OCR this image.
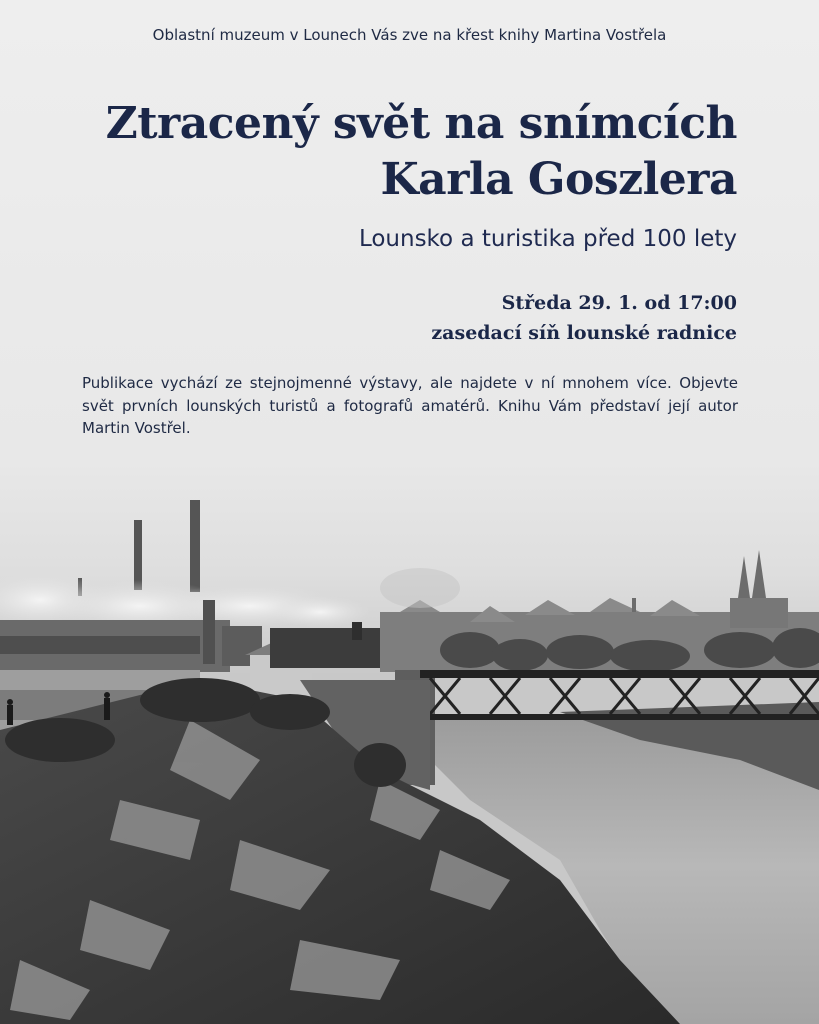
Oblastní muzeum v Lounech Vás zve na křest knihy Martina Vostřela

Ztracený svět na snímcích
Karla Goszlera

Lounsko a turistika před 100 lety

Středa 29. 1. od 17:00
zasedací síň lounské radnice

Publikace vychází ze stejnojmenné výstavy, ale najdete v ní mnohem více. Objevte svět prvních lounských turistů a fotografů amatérů. Knihu Vám představí její autor Martin Vostřel.
